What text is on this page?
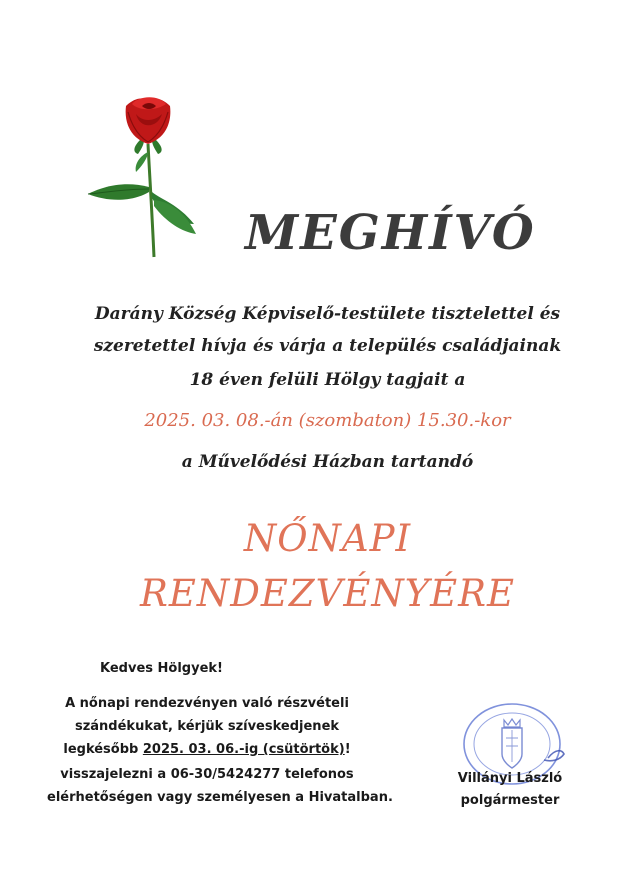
MEGHÍVÓ
Darány Község Képviselő-testülete tisztelettel és
szeretettel hívja és várja a település családjainak
18 éven felüli Hölgy tagjait a
2025. 03. 08.-án (szombaton) 15.30.-kor
a Művelődési Házban tartandó
NŐNAPI
RENDEZVÉNYÉRE
Kedves Hölgyek!
A nőnapi rendezvényen való részvételi
szándékukat, kérjük szíveskedjenek
legkésőbb 2025. 03. 06.-ig (csütörtök)!
visszajelezni a 06-30/5424277 telefonos
elérhetőségen vagy személyesen a Hivatalban.
Villányi László
polgármester
